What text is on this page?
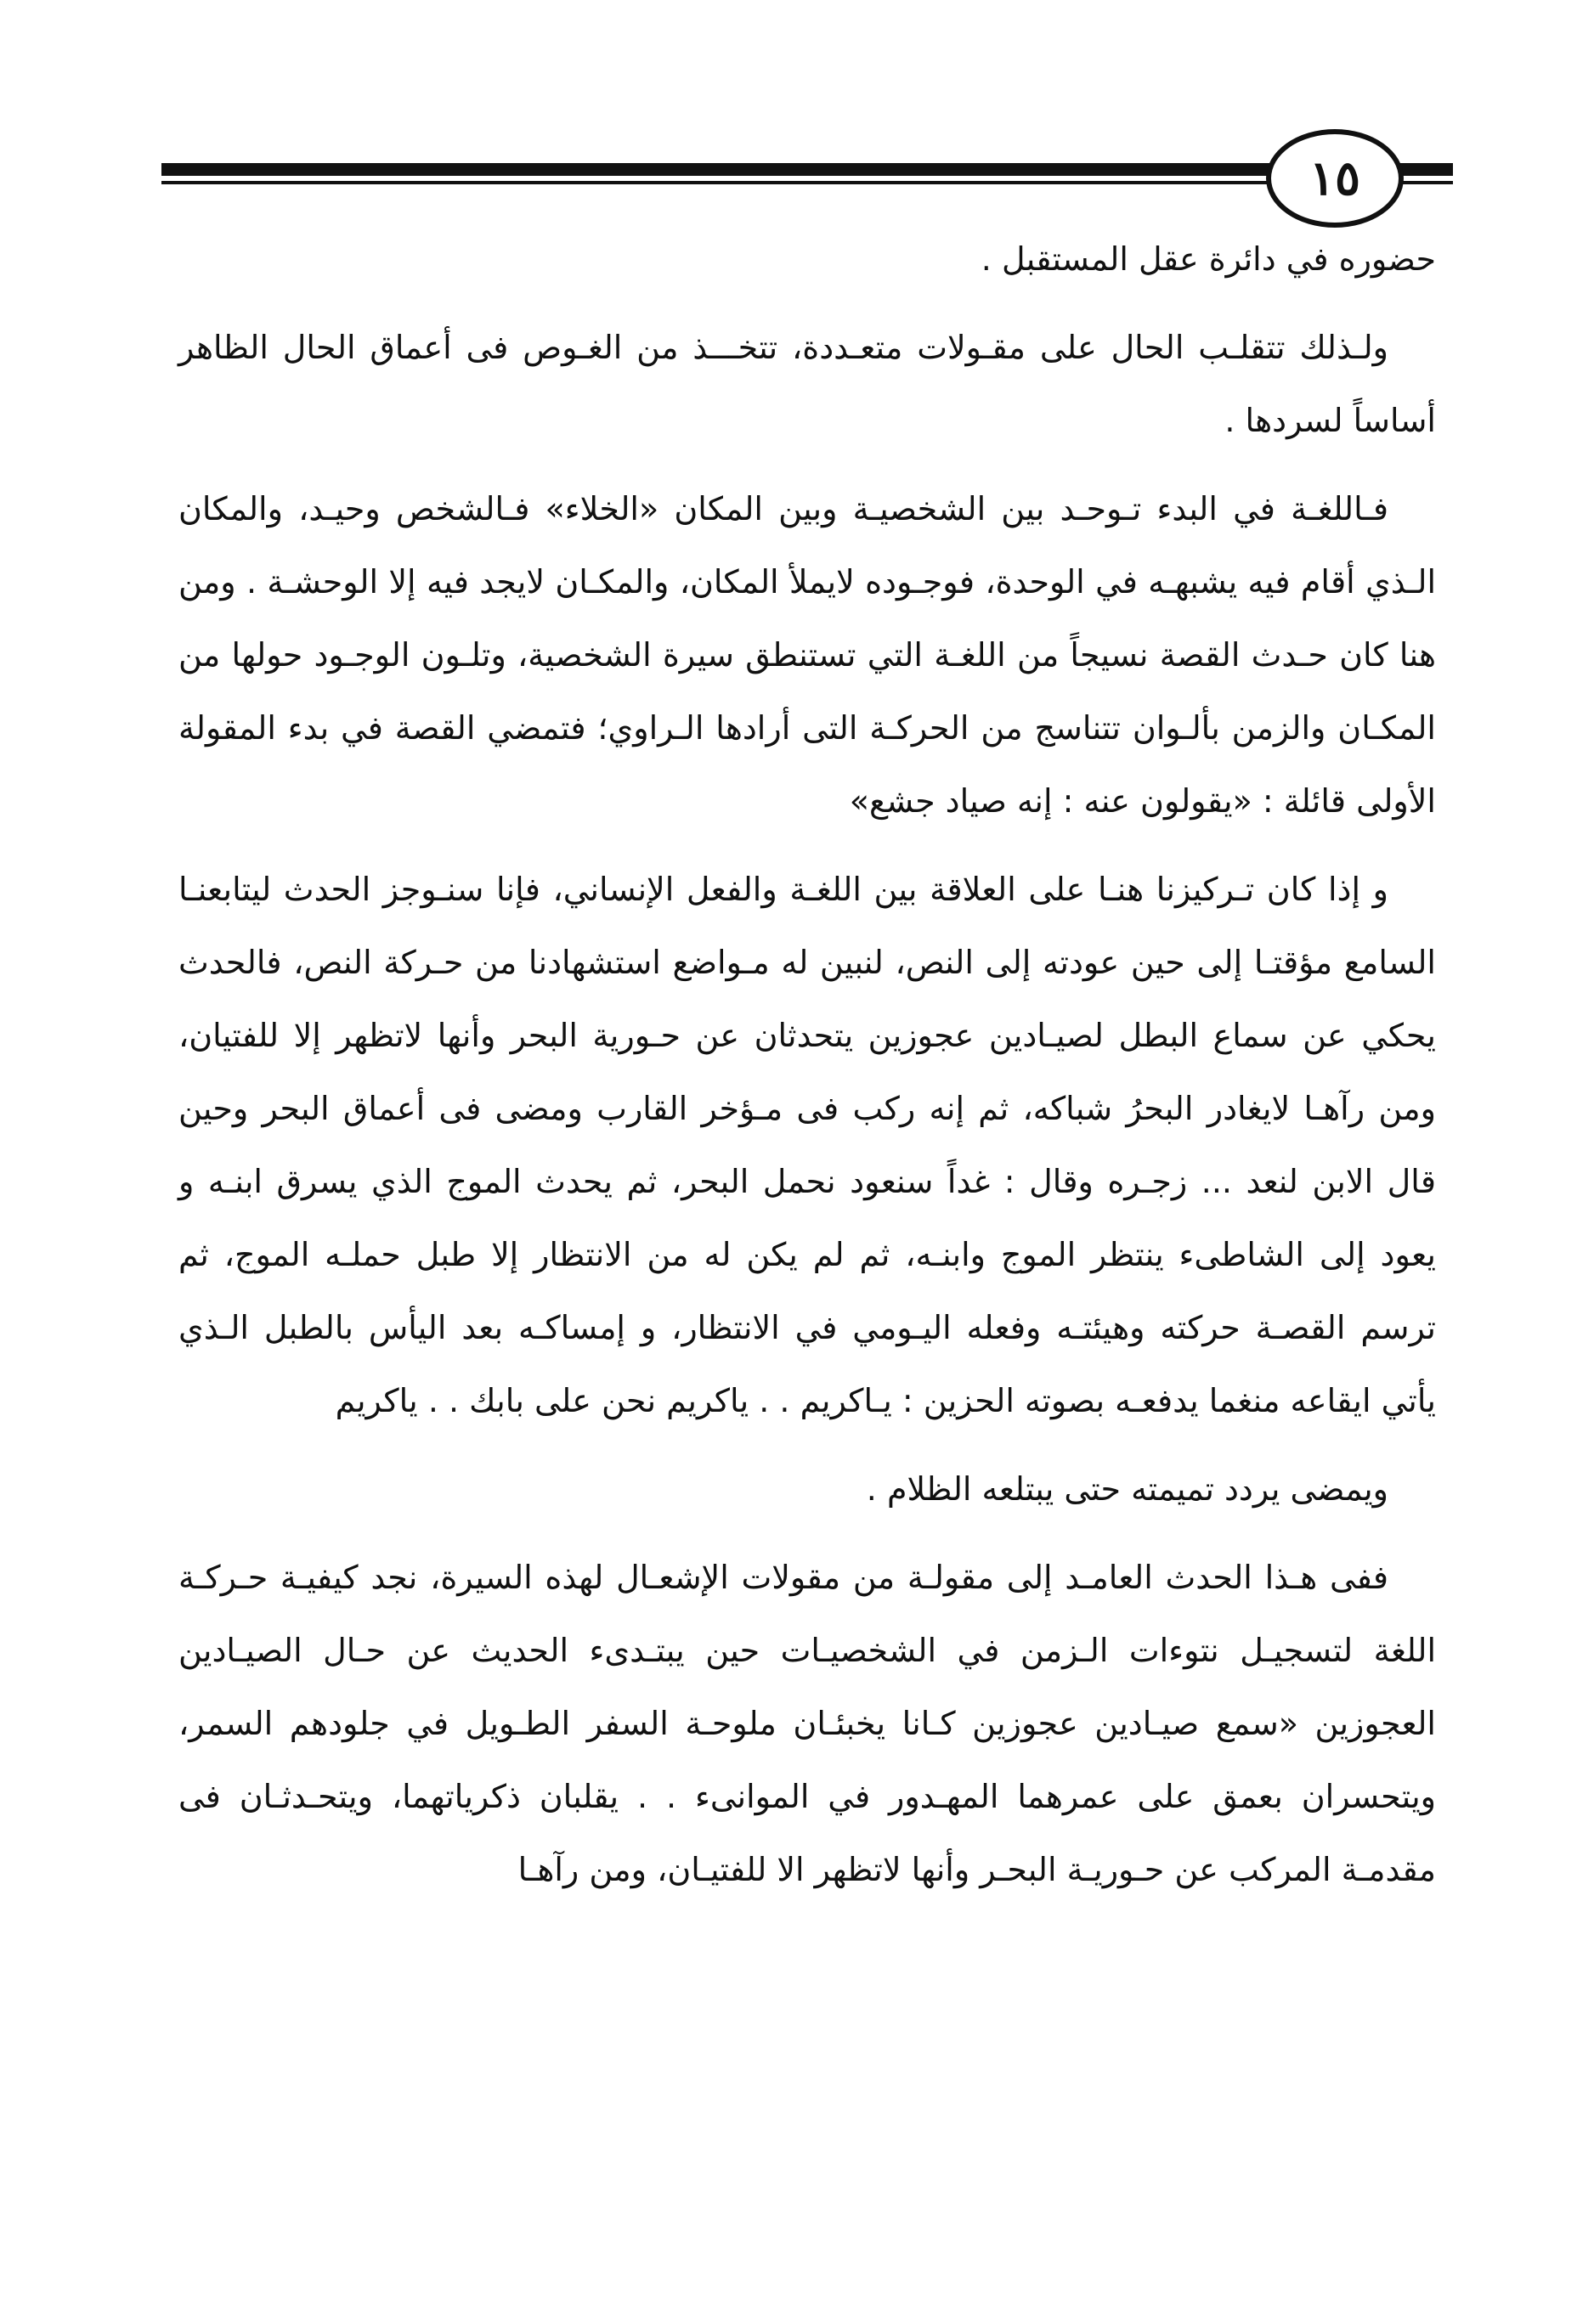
١٥

حضوره في دائرة عقل المستقبل .

ولـذلك تتقلـب الحال على مقـولات متعـددة، تتخـــذ من الغـوص فى أعماق الحال الظاهر أساساً لسردها .

فـاللغـة في البدء تـوحـد بين الشخصيـة وبين المكان «الخلاء» فـالشخص وحيـد، والمكان الـذي أقام فيه يشبهـه في الوحدة، فوجـوده لايملأ المكان، والمكـان لايجد فيه إلا الوحشـة . ومن هنا كان حـدث القصة نسيجاً من اللغـة التي تستنطق سيرة الشخصية، وتلـون الوجـود حولها من المكـان والزمن بألـوان تتناسج من الحركـة التى أرادها الـراوي؛ فتمضي القصة في بدء المقولة الأولى قائلة : «يقولون عنه : إنه صياد جشع»

و إذا كان تـركيزنا هنـا على العلاقة بين اللغـة والفعل الإنساني، فإنا سنـوجز الحدث ليتابعنـا السامع مؤقتـا إلى حين عودته إلى النص، لنبين له مـواضع استشهادنا من حـركة النص، فالحدث يحكي عن سماع البطل لصيـادين عجوزين يتحدثان عن حـورية البحر وأنها لاتظهر إلا للفتيان، ومن رآهـا لايغادر البحرُ شباكه، ثم إنه ركب فى مـؤخر القارب ومضى فى أعماق البحر وحين قال الابن لنعد ... زجـره وقال : غداً سنعود نحمل البحر، ثم يحدث الموج الذي يسرق ابنـه و يعود إلى الشاطىء ينتظر الموج وابنـه، ثم لم يكن له من الانتظار إلا طبل حملـه الموج، ثم ترسم القصـة حركته وهيئتـه وفعله اليـومي في الانتظار، و إمساكـه بعد اليأس بالطبل الـذي يأتي ايقاعه منغما يدفعـه بصوته الحزين : يـاكريم . . ياكريم نحن على بابك . . ياكريم

ويمضى يردد تميمته حتى يبتلعه الظلام .

ففى هـذا الحدث العامـد إلى مقولـة من مقولات الإشعـال لهذه السيرة، نجد كيفيـة حـركـة اللغة لتسجيـل نتوءات الـزمن في الشخصيـات حين يبتـدىء الحديث عن حـال الصيـادين العجوزين «سمع صيـادين عجوزين كـانا يخبئـان ملوحـة السفر الطـويل في جلودهم السمر، ويتحسران بعمق على عمرهما المهـدور في الموانىء . . يقلبان ذكرياتهما، ويتحـدثـان فى مقدمـة المركب عن حـوريـة البحـر وأنها لاتظهر الا للفتيـان، ومن رآهـا
